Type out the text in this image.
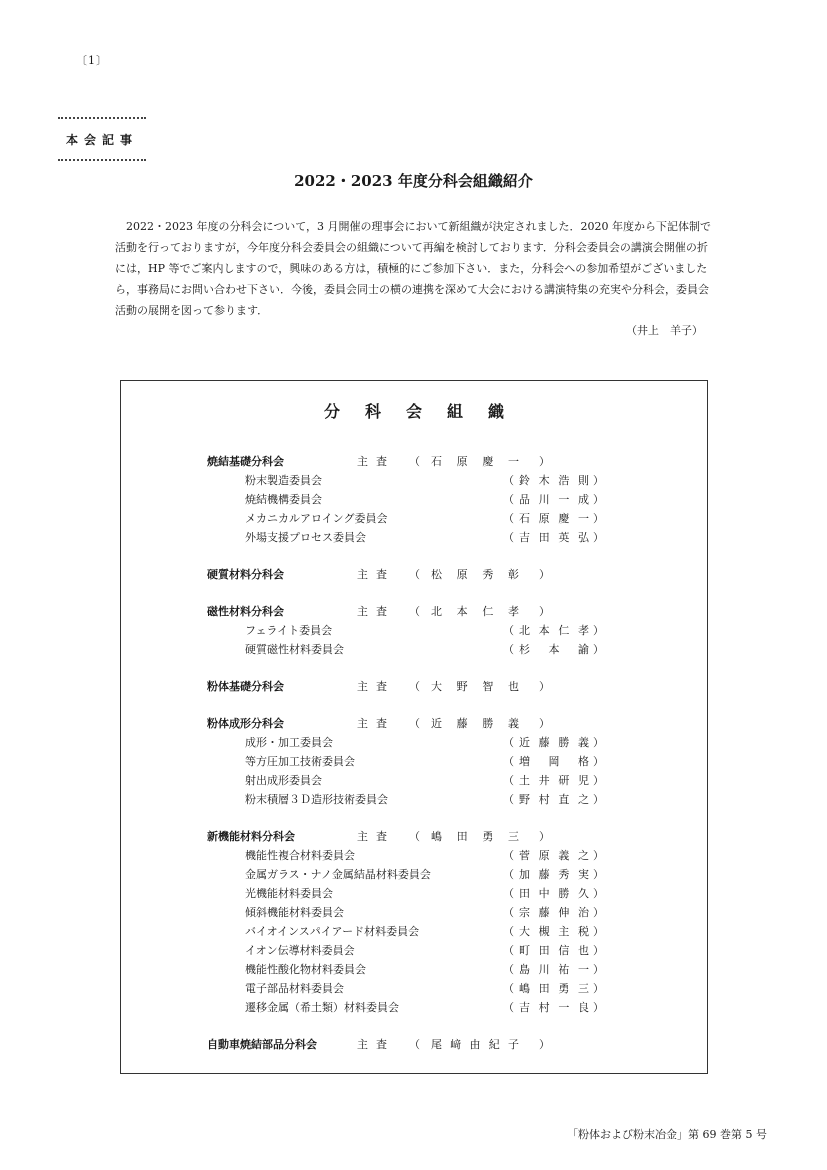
〔1〕
本会記事
2022・2023 年度分科会組織紹介

2022・2023 年度の分科会について，3 月開催の理事会において新組織が決定されました．2020 年度から下記体制で活動を行っておりますが，今年度分科会委員会の組織について再編を検討しております．分科会委員会の講演会開催の折には，HP 等でご案内しますので，興味のある方は，積極的にご参加下さい．また，分科会への参加希望がございましたら，事務局にお問い合わせ下さい．今後，委員会同士の横の連携を深めて大会における講演特集の充実や分科会，委員会活動の展開を図って参ります．

（井上　羊子）
分科会組織
焼結基礎分科会	主査 （ 石 原 慶 一 ）
粉末製造委員会	（ 鈴 木 浩 則 ）
焼結機構委員会	（ 品 川 一 成 ）
メカニカルアロイング委員会	（ 石 原 慶 一 ）
外場支援プロセス委員会	（ 吉 田 英 弘 ）
硬質材料分科会	主査 （ 松 原 秀 彰 ）
磁性材料分科会	主査 （ 北 本 仁 孝 ）
フェライト委員会	（ 北 本 仁 孝 ）
硬質磁性材料委員会	（ 杉 本 諭 ）
粉体基礎分科会	主査 （ 大 野 智 也 ）
粉体成形分科会	主査 （ 近 藤 勝 義 ）
成形・加工委員会	（ 近 藤 勝 義 ）
等方圧加工技術委員会	（ 増 岡 格 ）
射出成形委員会	（ 土 井 研 児 ）
粉末積層３Ｄ造形技術委員会	（ 野 村 直 之 ）
新機能材料分科会	主査 （ 嶋 田 勇 三 ）
機能性複合材料委員会	（ 菅 原 義 之 ）
金属ガラス・ナノ金属結晶材料委員会	（ 加 藤 秀 実 ）
光機能材料委員会	（ 田 中 勝 久 ）
傾斜機能材料委員会	（ 宗 藤 伸 治 ）
バイオインスパイアード材料委員会	（ 大 槻 主 税 ）
イオン伝導材料委員会	（ 町 田 信 也 ）
機能性酸化物材料委員会	（ 島 川 祐 一 ）
電子部品材料委員会	（ 嶋 田 勇 三 ）
遷移金属（希土類）材料委員会	（ 吉 村 一 良 ）
自動車焼結部品分科会	主査 （ 尾 﨑 由 紀 子 ）
「粉体および粉末冶金」第 69 巻第 5 号
